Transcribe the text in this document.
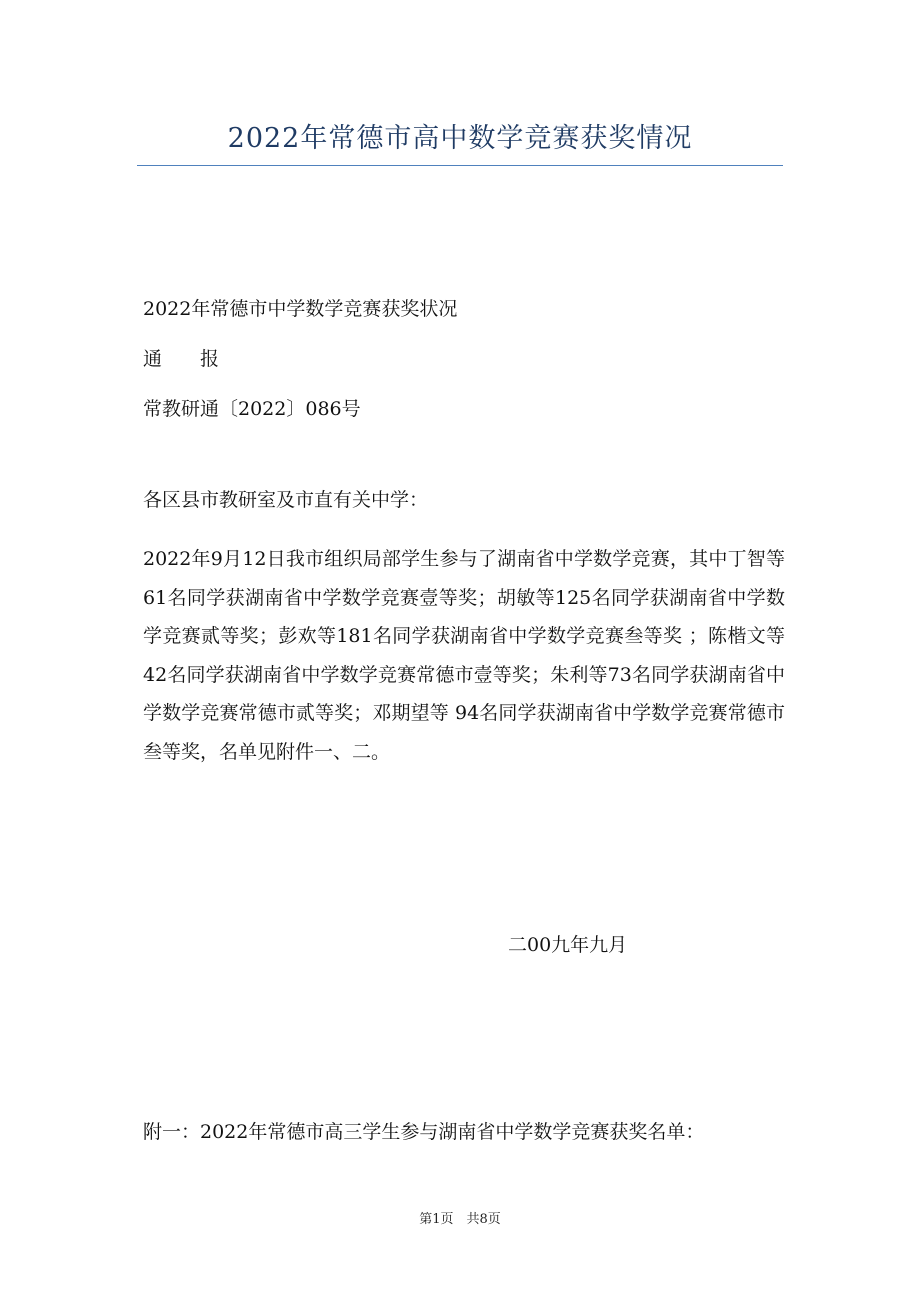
2022年常德市高中数学竞赛获奖情况
2022年常德市中学数学竞赛获奖状况
通　　报
常教研通〔2022〕086号
各区县市教研室及市直有关中学：
2022年9月12日我市组织局部学生参与了湖南省中学数学竞赛，其中丁智等 61名同学获湖南省中学数学竞赛壹等奖；胡敏等125名同学获湖南省中学数学竞赛贰等奖；彭欢等181名同学获湖南省中学数学竞赛叁等奖 ；陈楷文等42名同学获湖南省中学数学竞赛常德市壹等奖；朱利等73名同学获湖南省中学数学竞赛常德市贰等奖；邓期望等 94名同学获湖南省中学数学竞赛常德市叁等奖，名单见附件一、二。
二00九年九月
附一：2022年常德市高三学生参与湖南省中学数学竞赛获奖名单：
第1页　共8页
